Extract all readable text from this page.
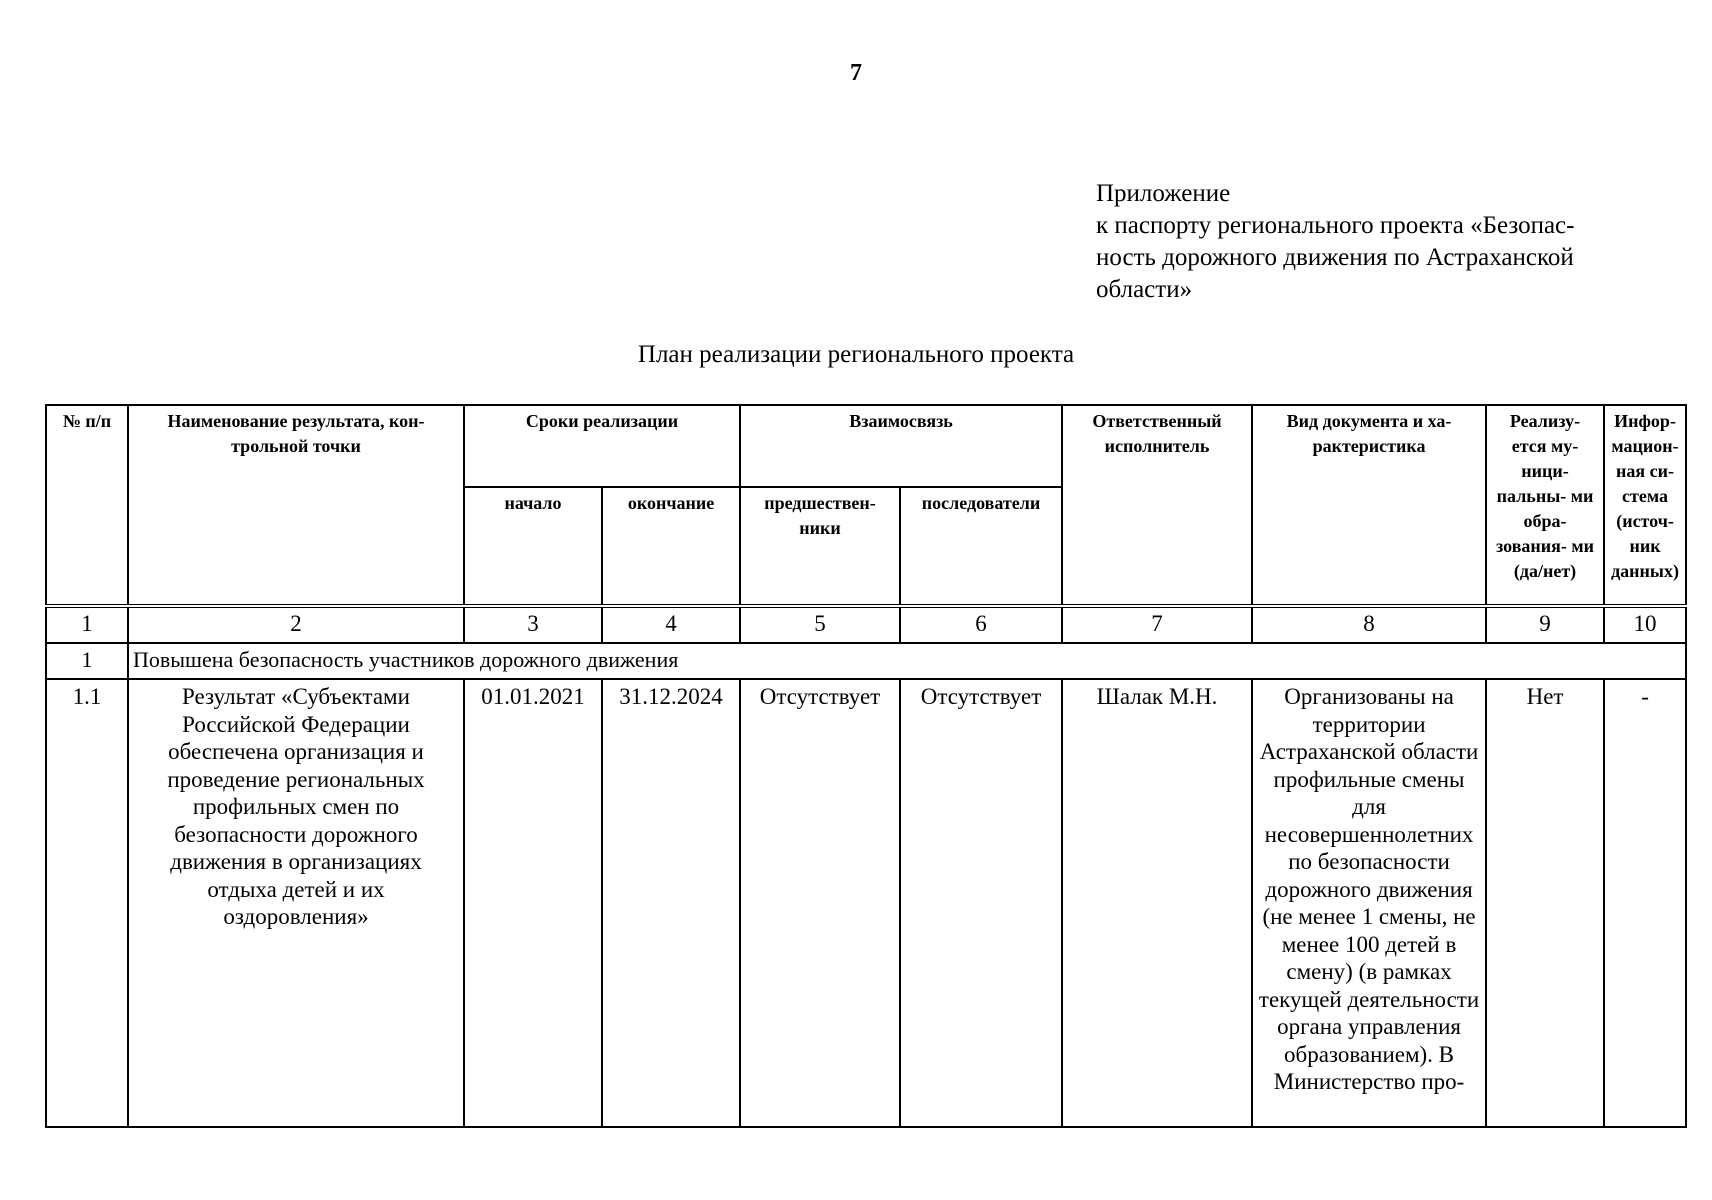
7
Приложение
к паспорту регионального проекта «Безопас-
ность дорожного движения по Астраханской
области»
План реализации регионального проекта
№ п/п	Наименование результата, кон- трольной точки	Сроки реализации		Взаимосвязь		Ответственный исполнитель	Вид документа и ха- рактеристика	Реализу- ется му- ници- пальны- ми обра- зования- ми (да/нет)	Инфор- мацион- ная си- стема (источ- ник данных)
		начало	окончание	предшествен- ники	последователи				
1	2	3	4	5	6	7	8	9	10
1	Повышена безопасность участников дорожного движения								
1.1	Результат «Субъектами Российской Федерации обеспечена организация и проведение региональных профильных смен по безопасности дорожного движения в организациях отдыха детей и их оздоровления»	01.01.2021	31.12.2024	Отсутствует	Отсутствует	Шалак М.Н.	Организованы на территории Астраханской области профильные смены для несовершеннолетних по безопасности дорожного движения (не менее 1 смены, не менее 100 детей в смену) (в рамках текущей деятельности органа управления образованием). В Министерство про-	Нет	-
